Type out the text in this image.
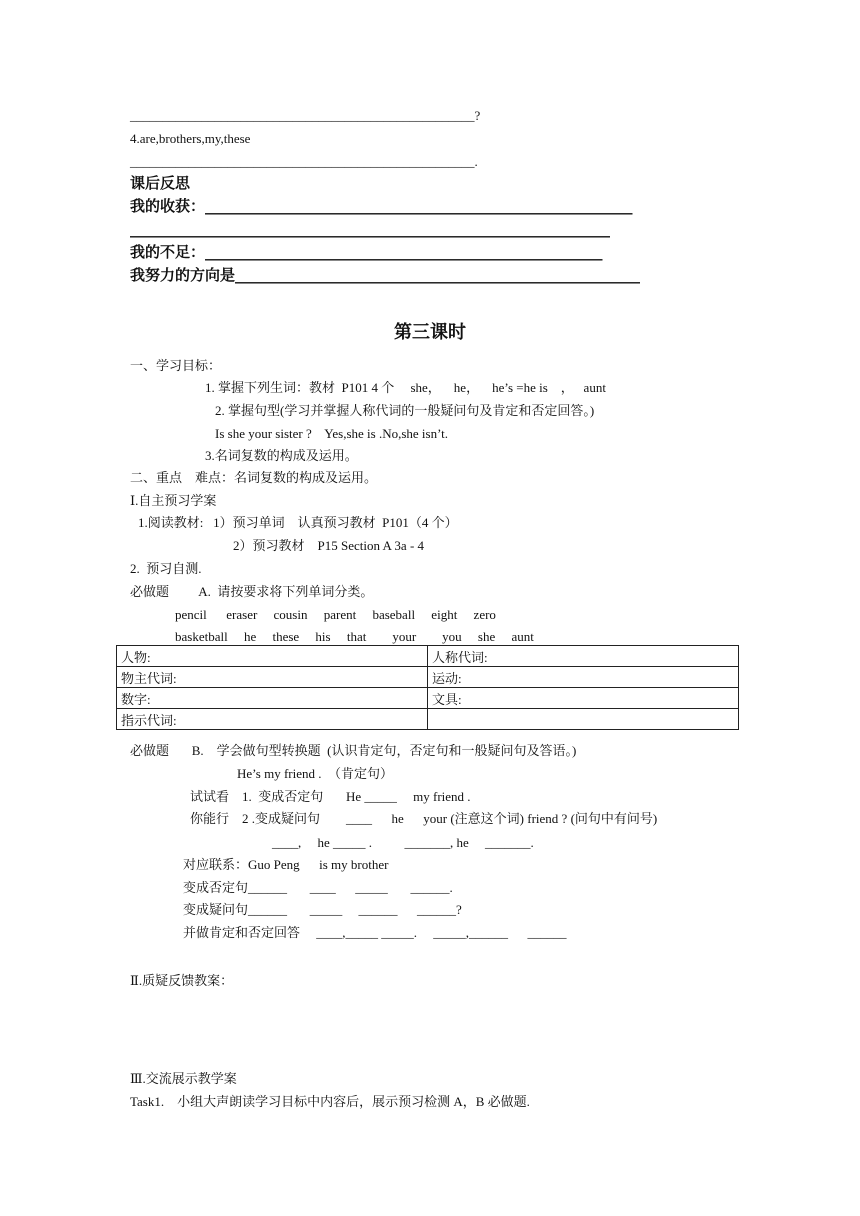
_____________________________________________________?
4.are,brothers,my,these
_____________________________________________________.
课后反思
我的收获：_________________________________________________________
________________________________________________________________
我的不足：_____________________________________________________
我努力的方向是______________________________________________________
第三课时
一、学习目标：
1. 掌握下列生词：教材  P101 4 个     she，    he，    he’s =he is    ，   aunt
2. 掌握句型(学习并掌握人称代词的一般疑问句及肯定和否定回答。)
Is she your sister ?    Yes,she is .No,she isn’t.
3.名词复数的构成及运用。
二、重点    难点：名词复数的构成及运用。
Ⅰ.自主预习学案
1.阅读教材:   1）预习单词    认真预习教材  P101（4 个）
2）预习教材    P15 Section A 3a - 4
2.  预习自测.
必做题         A.  请按要求将下列单词分类。
pencil      eraser     cousin     parent     baseball     eight     zero
basketball     he     these     his     that        your        you     she     aunt
人物:	人称代词:
物主代词:	运动:
数字:	文具:
指示代词:	
必做题       B.    学会做句型转换题  (认识肯定句，否定句和一般疑问句及答语。)
He’s my friend .  （肯定句）
试试看    1.  变成否定句       He _____     my friend .
你能行    2 .变成疑问句        ____      he      your (注意这个词) friend ? (问句中有问号)
____,     he _____ .          _______, he     _______.
对应联系：Guo Peng      is my brother
变成否定句______       ____      _____       ______.
变成疑问句______       _____     ______      ______?
并做肯定和否定回答     ____,_____ _____.     _____,______      ______
Ⅱ.质疑反馈教案：
Ⅲ.交流展示教学案
Task1.    小组大声朗读学习目标中内容后，展示预习检测 A，B 必做题.
